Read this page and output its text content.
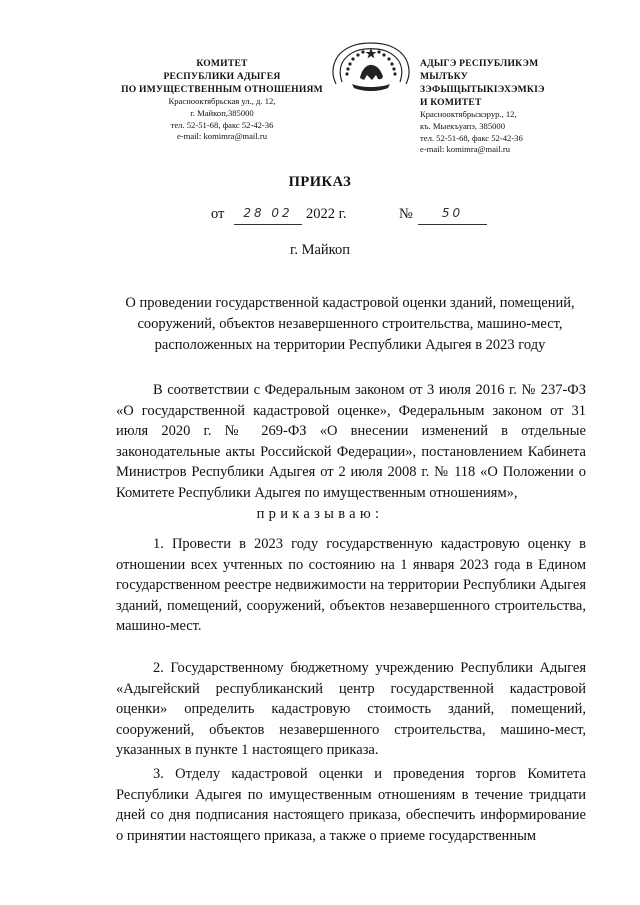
КОМИТЕТ
РЕСПУБЛИКИ АДЫГЕЯ
ПО ИМУЩЕСТВЕННЫМ ОТНОШЕНИЯМ
Краснооктябрьская ул., д. 12,
г. Майкоп,385000
тел. 52-51-68, факс 52-42-36
e-mail: komimra@mail.ru
АДЫГЭ РЕСПУБЛИКЭМ
МЫЛЪКУ ЗЭФЫЩЫТЫКІЭХЭМКІЭ
И КОМИТЕТ
Краснооктябрьскэрур., 12,
къ. Мыекъуапэ, 385000
тел. 52-51-68, факс 52-42-36
e-mail: komimra@mail.ru
ПРИКАЗ
от	28 02 2022 г.	№	50
г. Майкоп
О проведении государственной кадастровой оценки зданий, помещений, сооружений, объектов незавершенного строительства, машино-мест, расположенных на территории Республики Адыгея в 2023 году
В соответствии с Федеральным законом от 3 июля 2016 г. № 237-ФЗ «О государственной кадастровой оценке», Федеральным законом от 31 июля 2020 г. № 269-ФЗ «О внесении изменений в отдельные законодательные акты Российской Федерации», постановлением Кабинета Министров Республики Адыгея от 2 июля 2008 г. № 118 «О Положении о Комитете Республики Адыгея по имущественным отношениям»,
приказываю:
1. Провести в 2023 году государственную кадастровую оценку в отношении всех учтенных по состоянию на 1 января 2023 года в Едином государственном реестре недвижимости на территории Республики Адыгея зданий, помещений, сооружений, объектов незавершенного строительства, машино-мест.
2. Государственному бюджетному учреждению Республики Адыгея «Адыгейский республиканский центр государственной кадастровой оценки» определить кадастровую стоимость зданий, помещений, сооружений, объектов незавершенного строительства, машино-мест, указанных в пункте 1 настоящего приказа.
3. Отделу кадастровой оценки и проведения торгов Комитета Республики Адыгея по имущественным отношениям в течение тридцати дней со дня подписания настоящего приказа, обеспечить информирование о принятии настоящего приказа, а также о приеме государственным
